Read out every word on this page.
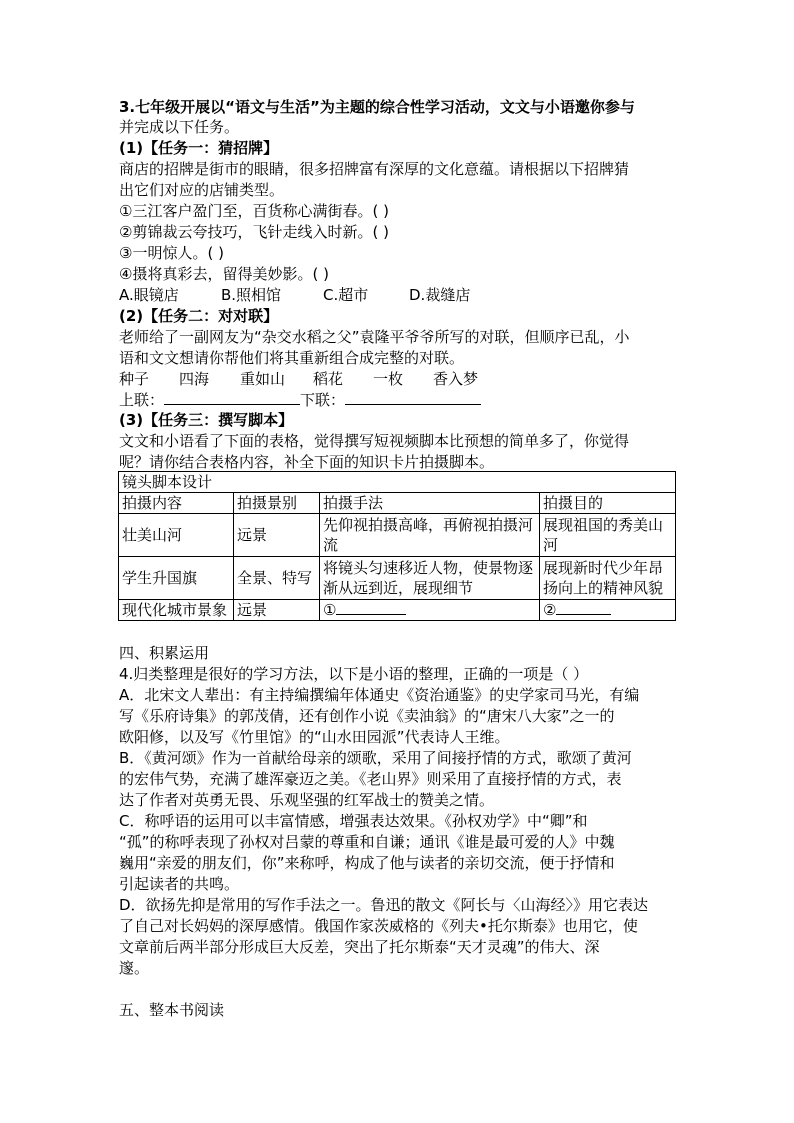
3.七年级开展以“语文与生活”为主题的综合性学习活动，文文与小语邀你参与
并完成以下任务。
(1)【任务一：猜招牌】
商店的招牌是街市的眼睛，很多招牌富有深厚的文化意蕴。请根据以下招牌猜
出它们对应的店铺类型。
①三江客户盈门至，百货称心满街春。( )
②剪锦裁云夸技巧，飞针走线入时新。( )
③一明惊人。( )
④摄将真彩去，留得美妙影。( )
A.眼镜店	B.照相馆	C.超市	D.裁缝店
(2)【任务二：对对联】
老师给了一副网友为“杂交水稻之父”袁隆平爷爷所写的对联，但顺序已乱，小
语和文文想请你帮他们将其重新组合成完整的对联。
种子 四海 重如山 稻花 一枚 香入梦
上联：	下联：
(3)【任务三：撰写脚本】
文文和小语看了下面的表格，觉得撰写短视频脚本比预想的简单多了，你觉得
呢？请你结合表格内容，补全下面的知识卡片拍摄脚本。
镜头脚本设计			
拍摄内容	拍摄景别	拍摄手法	拍摄目的
壮美山河	远景	先仰视拍摄高峰，再俯视拍摄河流	展现祖国的秀美山河
学生升国旗	全景、特写	将镜头匀速移近人物，使景物逐渐从远到近，展现细节	展现新时代少年昂扬向上的精神风貌
现代化城市景象	远景	①	②
四、积累运用
4.归类整理是很好的学习方法，以下是小语的整理，正确的一项是（ ）
A．北宋文人辈出：有主持编撰编年体通史《资治通鉴》的史学家司马光，有编
写《乐府诗集》的郭茂倩，还有创作小说《卖油翁》的“唐宋八大家”之一的
欧阳修，以及写《竹里馆》的“山水田园派”代表诗人王维。
B．《黄河颂》作为一首献给母亲的颂歌，采用了间接抒情的方式，歌颂了黄河
的宏伟气势，充满了雄浑豪迈之美。《老山界》则采用了直接抒情的方式，表
达了作者对英勇无畏、乐观坚强的红军战士的赞美之情。
C．称呼语的运用可以丰富情感，增强表达效果。《孙权劝学》中“卿”和
“孤”的称呼表现了孙权对吕蒙的尊重和自谦；通讯《谁是最可爱的人》中魏
巍用“亲爱的朋友们，你”来称呼，构成了他与读者的亲切交流，便于抒情和
引起读者的共鸣。
D．欲扬先抑是常用的写作手法之一。鲁迅的散文《阿长与〈山海经〉》用它表达
了自己对长妈妈的深厚感情。俄国作家茨威格的《列夫•托尔斯泰》也用它，使
文章前后两半部分形成巨大反差，突出了托尔斯泰“天才灵魂”的伟大、深
邃。
五、整本书阅读
